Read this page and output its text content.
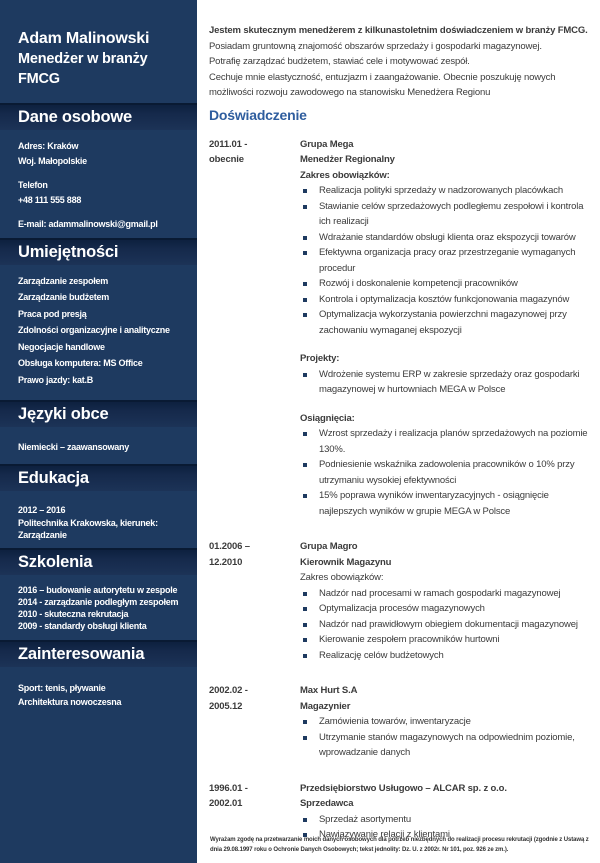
Adam Malinowski
Menedżer w branży FMCG
Dane osobowe
Adres: Kraków
Woj. Małopolskie
Telefon
+48 111 555 888
E-mail: adammalinowski@gmail.pl
Umiejętności
Zarządzanie zespołem
Zarządzanie budżetem
Praca pod presją
Zdolności organizacyjne i analityczne
Negocjacje handlowe
Obsługa komputera: MS Office
Prawo jazdy: kat.B
Języki obce
Niemiecki – zaawansowany
Edukacja
2012 – 2016
Politechnika Krakowska, kierunek:
Zarządzanie
Szkolenia
2016 – budowanie autorytetu w zespole
2014 - zarządzanie podległym zespołem
2010 - skuteczna rekrutacja
2009 - standardy obsługi klienta
Zainteresowania
Sport: tenis, pływanie
Architektura nowoczesna
Jestem skutecznym menedżerem z kilkunastoletnim doświadczeniem w branży FMCG.
Posiadam gruntowną znajomość obszarów sprzedaży i gospodarki magazynowej.
Potrafię zarządzać budżetem, stawiać cele i motywować zespół.
Cechuje mnie elastyczność, entuzjazm i zaangażowanie. Obecnie poszukuję nowych możliwości rozwoju zawodowego na stanowisku Menedżera Regionu
Doświadczenie
2011.01 -
obecnie
Grupa Mega
Menedżer Regionalny
Zakres obowiązków:
Realizacja polityki sprzedaży w nadzorowanych placówkach
Stawianie celów sprzedażowych podległemu zespołowi i kontrola ich realizacji
Wdrażanie standardów obsługi klienta oraz ekspozycji towarów
Efektywna organizacja pracy oraz przestrzeganie wymaganych procedur
Rozwój i doskonalenie kompetencji pracowników
Kontrola i optymalizacja kosztów funkcjonowania magazynów
Optymalizacja wykorzystania powierzchni magazynowej przy zachowaniu wymaganej ekspozycji
Projekty:
Wdrożenie systemu ERP w zakresie sprzedaży oraz gospodarki magazynowej w hurtowniach MEGA w Polsce
Osiągnięcia:
Wzrost sprzedaży i realizacja planów sprzedażowych na poziomie 130%.
Podniesienie wskaźnika zadowolenia pracowników o 10% przy utrzymaniu wysokiej efektywności
15% poprawa wyników inwentaryzacyjnych - osiągnięcie najlepszych wyników w grupie MEGA w Polsce
01.2006 –
12.2010
Grupa Magro
Kierownik Magazynu
Zakres obowiązków:
Nadzór nad procesami w ramach gospodarki magazynowej
Optymalizacja procesów magazynowych
Nadzór nad prawidłowym obiegiem dokumentacji magazynowej
Kierowanie zespołem pracowników hurtowni
Realizację celów budżetowych
2002.02 -
2005.12
Max Hurt S.A
Magazynier
Zamówienia towarów, inwentaryzacje
Utrzymanie stanów magazynowych na odpowiednim poziomie, wprowadzanie danych
1996.01 -
2002.01
Przedsiębiorstwo Usługowo – ALCAR sp. z o.o.
Sprzedawca
Sprzedaż asortymentu
Nawiązywanie relacji z klientami
Wyrażam zgodę na przetwarzanie moich danych osobowych dla potrzeb niezbędnych do realizacji procesu rekrutacji (zgodnie z Ustawą z dnia 29.08.1997 roku o Ochronie Danych Osobowych; tekst jednolity: Dz. U. z 2002r. Nr 101, poz. 926 ze zm.).
